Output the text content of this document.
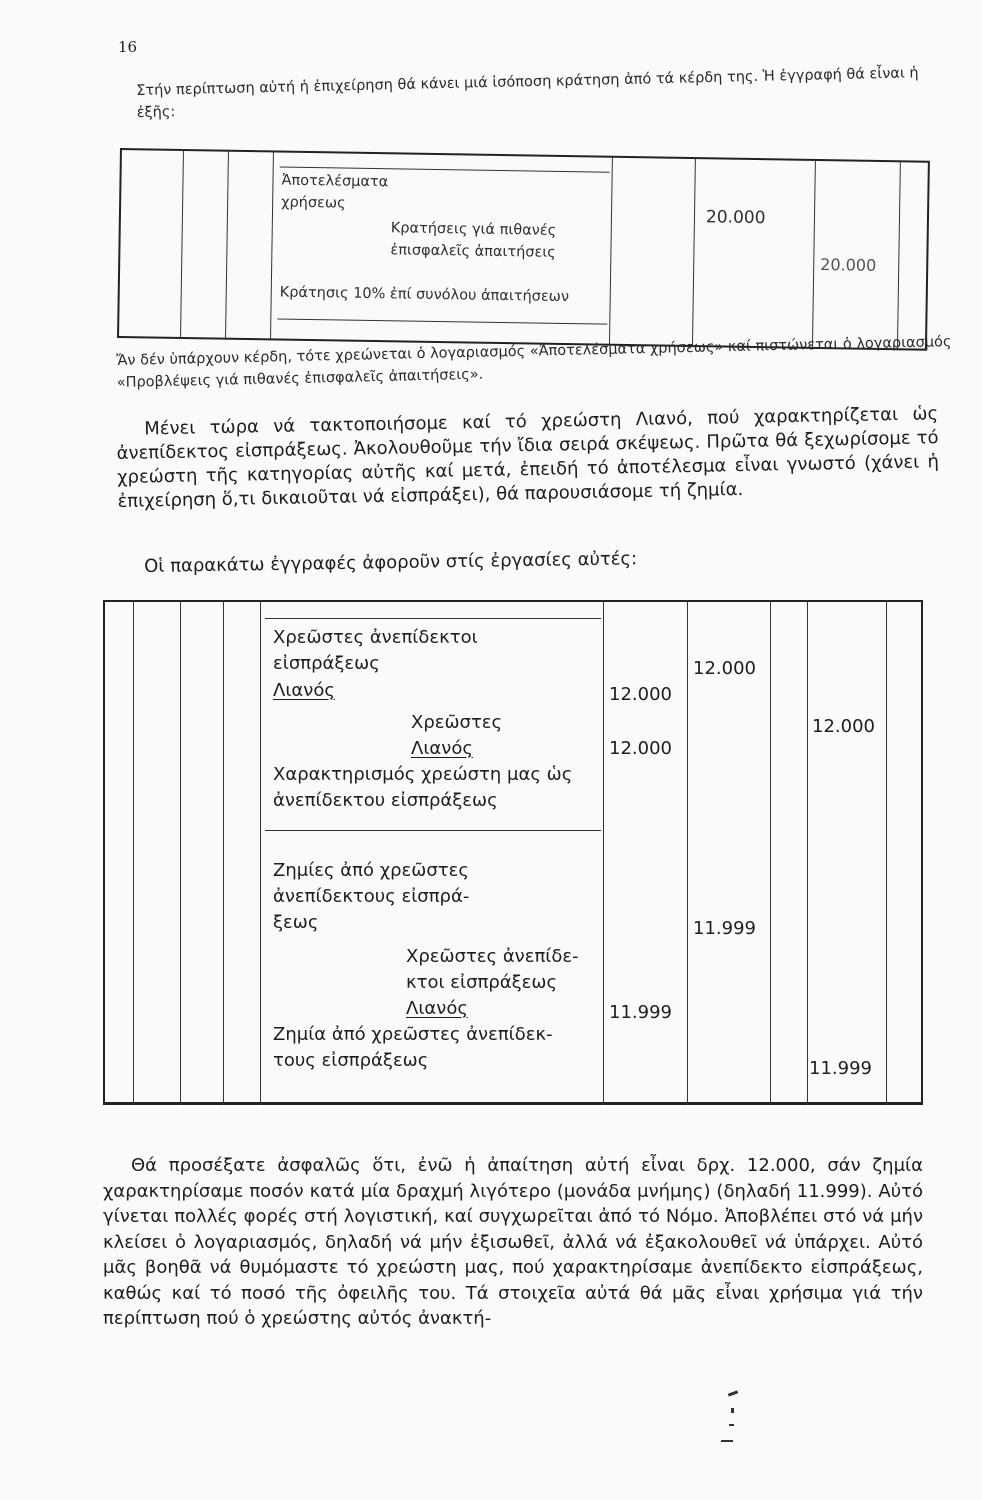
16

Στήν περίπτωση αὐτή ἡ ἐπιχείρηση θά κάνει μιά ἰσόποση κράτηση ἀπό τά κέρδη της. Ἡ ἐγγραφή θά εἶναι ἡ ἐξῆς:

Ἀποτελέσματα
χρήσεως
Κρατήσεις γιά πιθανές
ἐπισφαλεῖς ἀπαιτήσεις
Κράτησις 10% ἐπί συνόλου ἀπαιτήσεων
20.000
20.000

Ἄν δέν ὑπάρχουν κέρδη, τότε χρεώνεται ὁ λογαριασμός «Ἀποτελέσματα χρήσεως» καί πιστώνεται ὁ λογαριασμός «Προβλέψεις γιά πιθανές ἐπισφαλεῖς ἀπαιτήσεις».

Μένει τώρα νά τακτοποιήσομε καί τό χρεώστη Λιανό, πού χαρακτηρίζεται ὡς ἀνεπίδεκτος εἰσπράξεως. Ἀκολουθοῦμε τήν ἴδια σειρά σκέψεως. Πρῶτα θά ξεχωρίσομε τό χρεώστη τῆς κατηγορίας αὐτῆς καί μετά, ἐπειδή τό ἀποτέλεσμα εἶναι γνωστό (χάνει ἡ ἐπιχείρηση ὅ,τι δικαιοῦται νά εἰσπράξει), θά παρουσιάσομε τή ζημία.

Οἱ παρακάτω ἐγγραφές ἀφοροῦν στίς ἐργασίες αὐτές:

Χρεῶστες ἀνεπίδεκτοι
εἰσπράξεως
Λιανός
Χρεῶστες
Λιανός
Χαρακτηρισμός χρεώστη μας ὡς
ἀνεπίδεκτου εἰσπράξεως
12.000
12.000
12.000
12.000
Ζημίες ἀπό χρεῶστες
ἀνεπίδεκτους εἰσπρά-
ξεως
Χρεῶστες ἀνεπίδε-
κτοι εἰσπράξεως
Λιανός
Ζημία ἀπό χρεῶστες ἀνεπίδεκ-
τους εἰσπράξεως
11.999
11.999
11.999

Θά προσέξατε ἀσφαλῶς ὅτι, ἐνῶ ἡ ἀπαίτηση αὐτή εἶναι δρχ. 12.000, σάν ζημία χαρακτηρίσαμε ποσόν κατά μία δραχμή λιγότερο (μονάδα μνήμης) (δηλαδή 11.999). Αὐτό γίνεται πολλές φορές στή λογιστική, καί συγχωρεῖται ἀπό τό Νόμο. Ἀποβλέπει στό νά μήν κλείσει ὁ λογαριασμός, δηλαδή νά μήν ἐξισωθεῖ, ἀλλά νά ἐξακολουθεῖ νά ὑπάρχει. Αὐτό μᾶς βοηθᾶ νά θυμόμαστε τό χρεώστη μας, πού χαρακτηρίσαμε ἀνεπίδεκτο εἰσπράξεως, καθώς καί τό ποσό τῆς ὀφειλῆς του. Τά στοιχεῖα αὐτά θά μᾶς εἶναι χρήσιμα γιά τήν περίπτωση πού ὁ χρεώστης αὐτός ἀνακτή-
